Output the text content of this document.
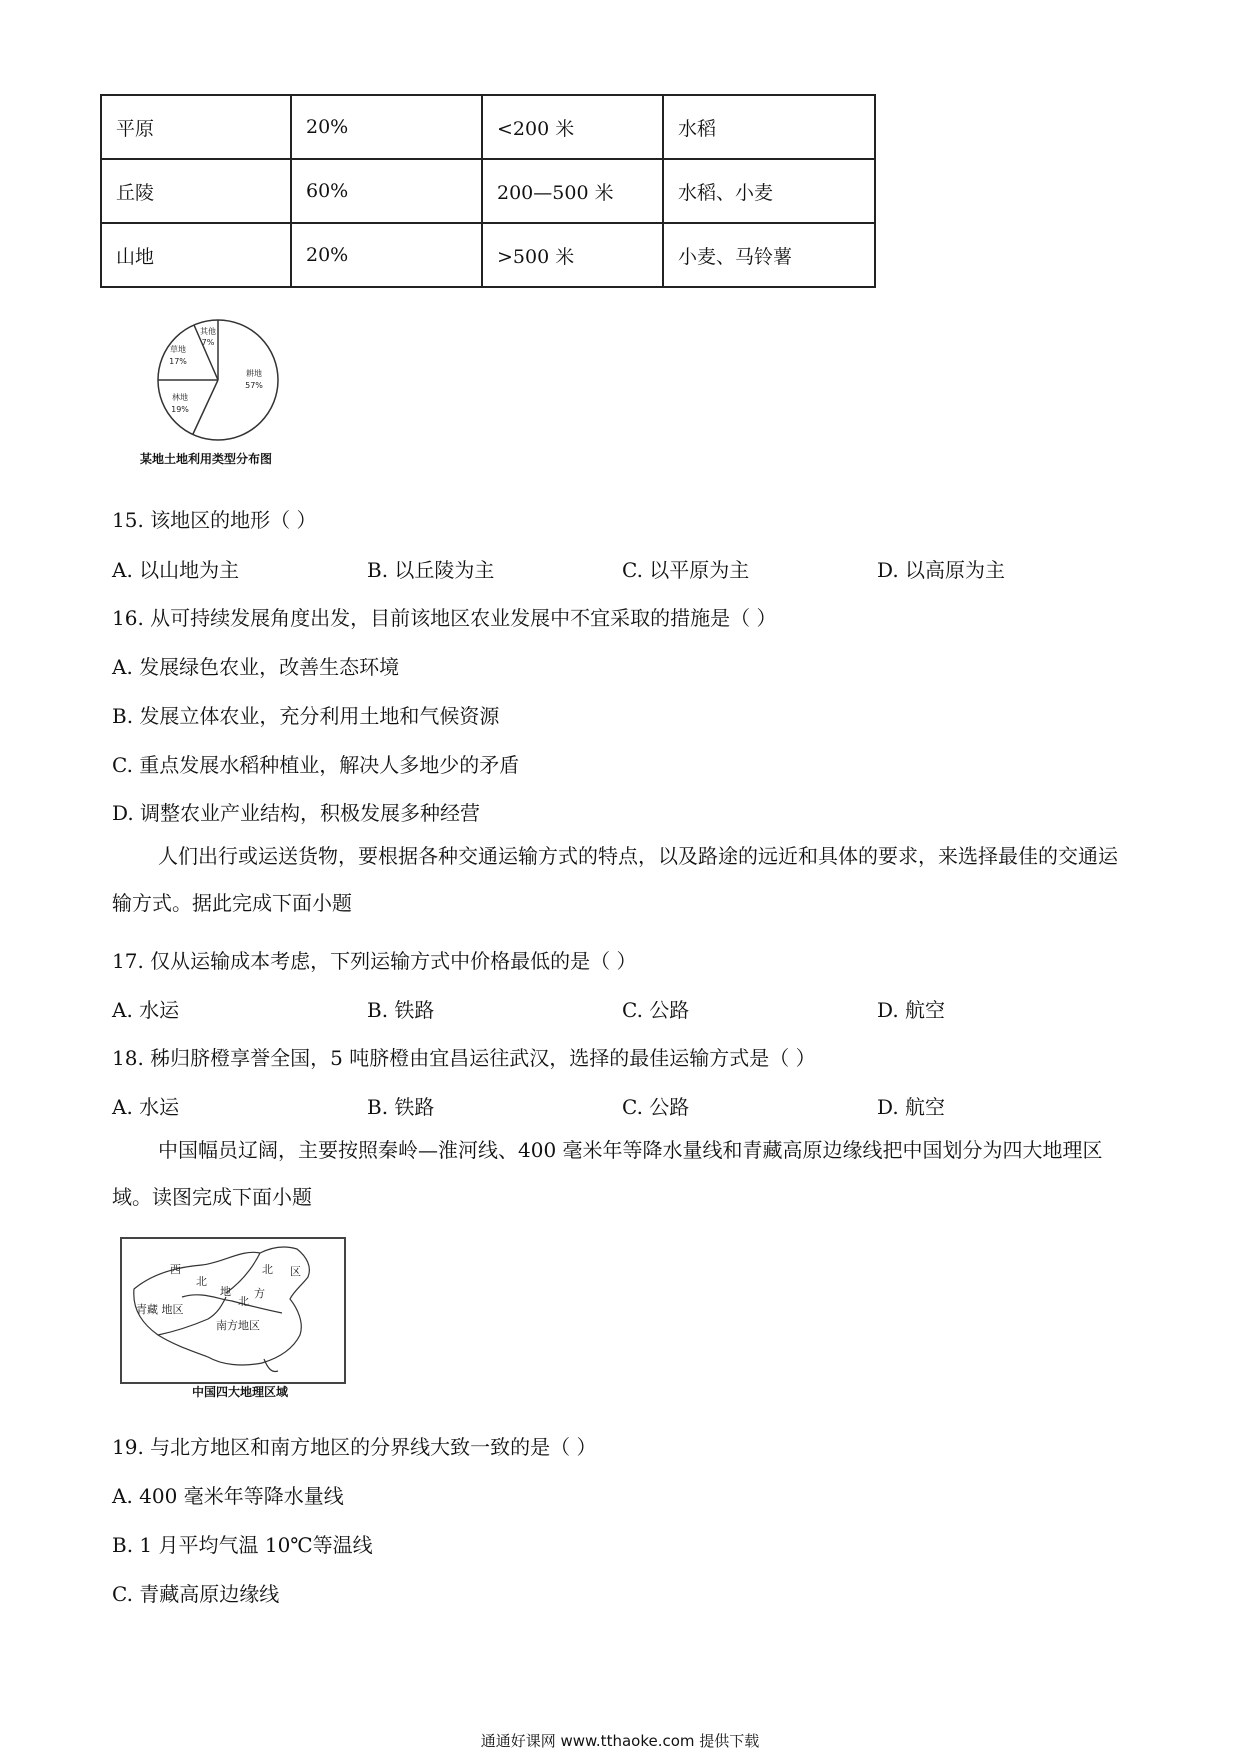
平原	20%	<200 米	水稻
丘陵	60%	200—500 米	水稻、小麦
山地	20%	>500 米	小麦、马铃薯
耕地
57%
林地
19%
草地
17%
其他
7%
某地土地利用类型分布图
15. 该地区的地形（ ）
A. 以山地为主	B. 以丘陵为主	C. 以平原为主	D. 以高原为主
16. 从可持续发展角度出发，目前该地区农业发展中不宜采取的措施是（ ）
A. 发展绿色农业，改善生态环境
B. 发展立体农业，充分利用土地和气候资源
C. 重点发展水稻种植业，解决人多地少的矛盾
D. 调整农业产业结构，积极发展多种经营
人们出行或运送货物，要根据各种交通运输方式的特点，以及路途的远近和具体的要求，来选择最佳的交通运输方式。据此完成下面小题
17. 仅从运输成本考虑，下列运输方式中价格最低的是（ ）
A. 水运	B. 铁路	C. 公路	D. 航空
18. 秭归脐橙享誉全国，5 吨脐橙由宜昌运往武汉，选择的最佳运输方式是（ ）
A. 水运	B. 铁路	C. 公路	D. 航空
中国幅员辽阔，主要按照秦岭—淮河线、400 毫米年等降水量线和青藏高原边缘线把中国划分为四大地理区域。读图完成下面小题
西
北
地
区
青藏 地区
北
方
北
南方地区
中国四大地理区域
19. 与北方地区和南方地区的分界线大致一致的是（ ）
A. 400 毫米年等降水量线
B. 1 月平均气温 10℃等温线
C. 青藏高原边缘线
通通好课网 www.tthaoke.com 提供下载
